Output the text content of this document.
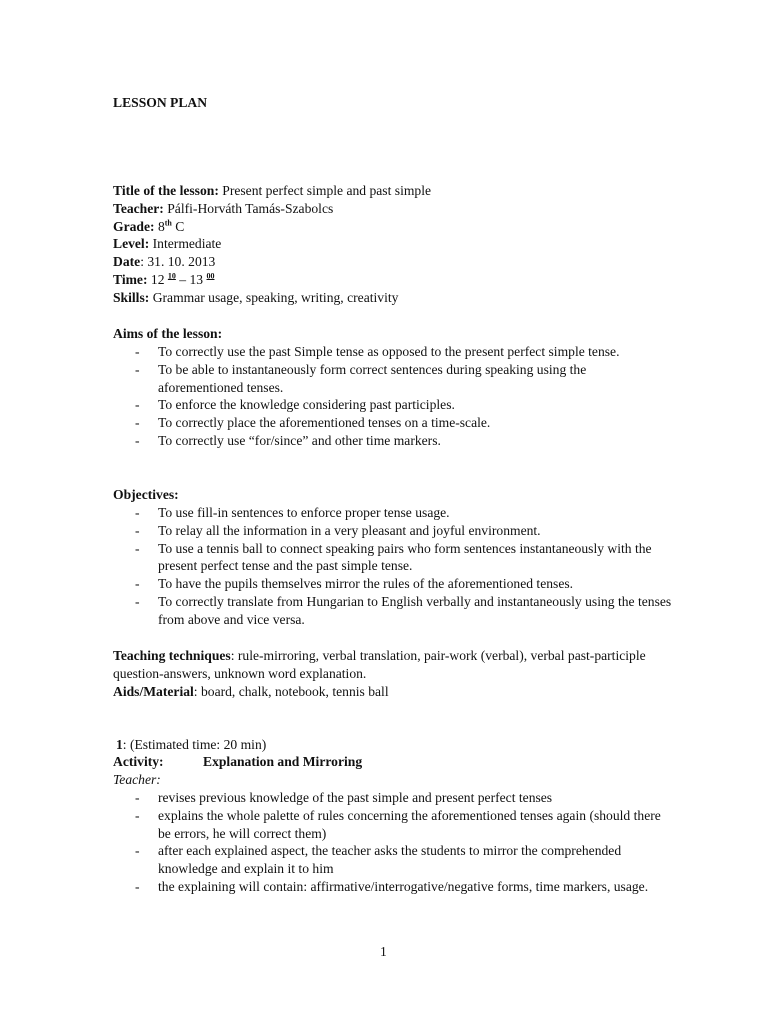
LESSON PLAN
Title of the lesson: Present perfect simple and past simple
Teacher: Pálfi-Horváth Tamás-Szabolcs
Grade: 8th C
Level: Intermediate
Date: 31. 10. 2013
Time: 12 $^{10}$ – 13 $^{00}$
Skills: Grammar usage, speaking, writing, creativity
Aims of the lesson:
- To correctly use the past Simple tense as opposed to the present perfect simple tense.
- To be able to instantaneously form correct sentences during speaking using the aforementioned tenses.
- To enforce the knowledge considering past participles.
- To correctly place the aforementioned tenses on a time-scale.
- To correctly use “for/since” and other time markers.
Objectives:
- To use fill-in sentences to enforce proper tense usage.
- To relay all the information in a very pleasant and joyful environment.
- To use a tennis ball to connect speaking pairs who form sentences instantaneously with the present perfect tense and the past simple tense.
- To have the pupils themselves mirror the rules of the aforementioned tenses.
- To correctly translate from Hungarian to English verbally and instantaneously using the tenses from above and vice versa.
Teaching techniques: rule-mirroring, verbal translation, pair-work (verbal), verbal past-participle question-answers, unknown word explanation.
Aids/Material: board, chalk, notebook, tennis ball
1: (Estimated time: 20 min)
Activity:	Explanation and Mirroring
Teacher:
- revises previous knowledge of the past simple and present perfect tenses
- explains the whole palette of rules concerning the aforementioned tenses again (should there be errors, he will correct them)
- after each explained aspect, the teacher asks the students to mirror the comprehended knowledge and explain it to him
- the explaining will contain: affirmative/interrogative/negative forms, time markers, usage.
1
